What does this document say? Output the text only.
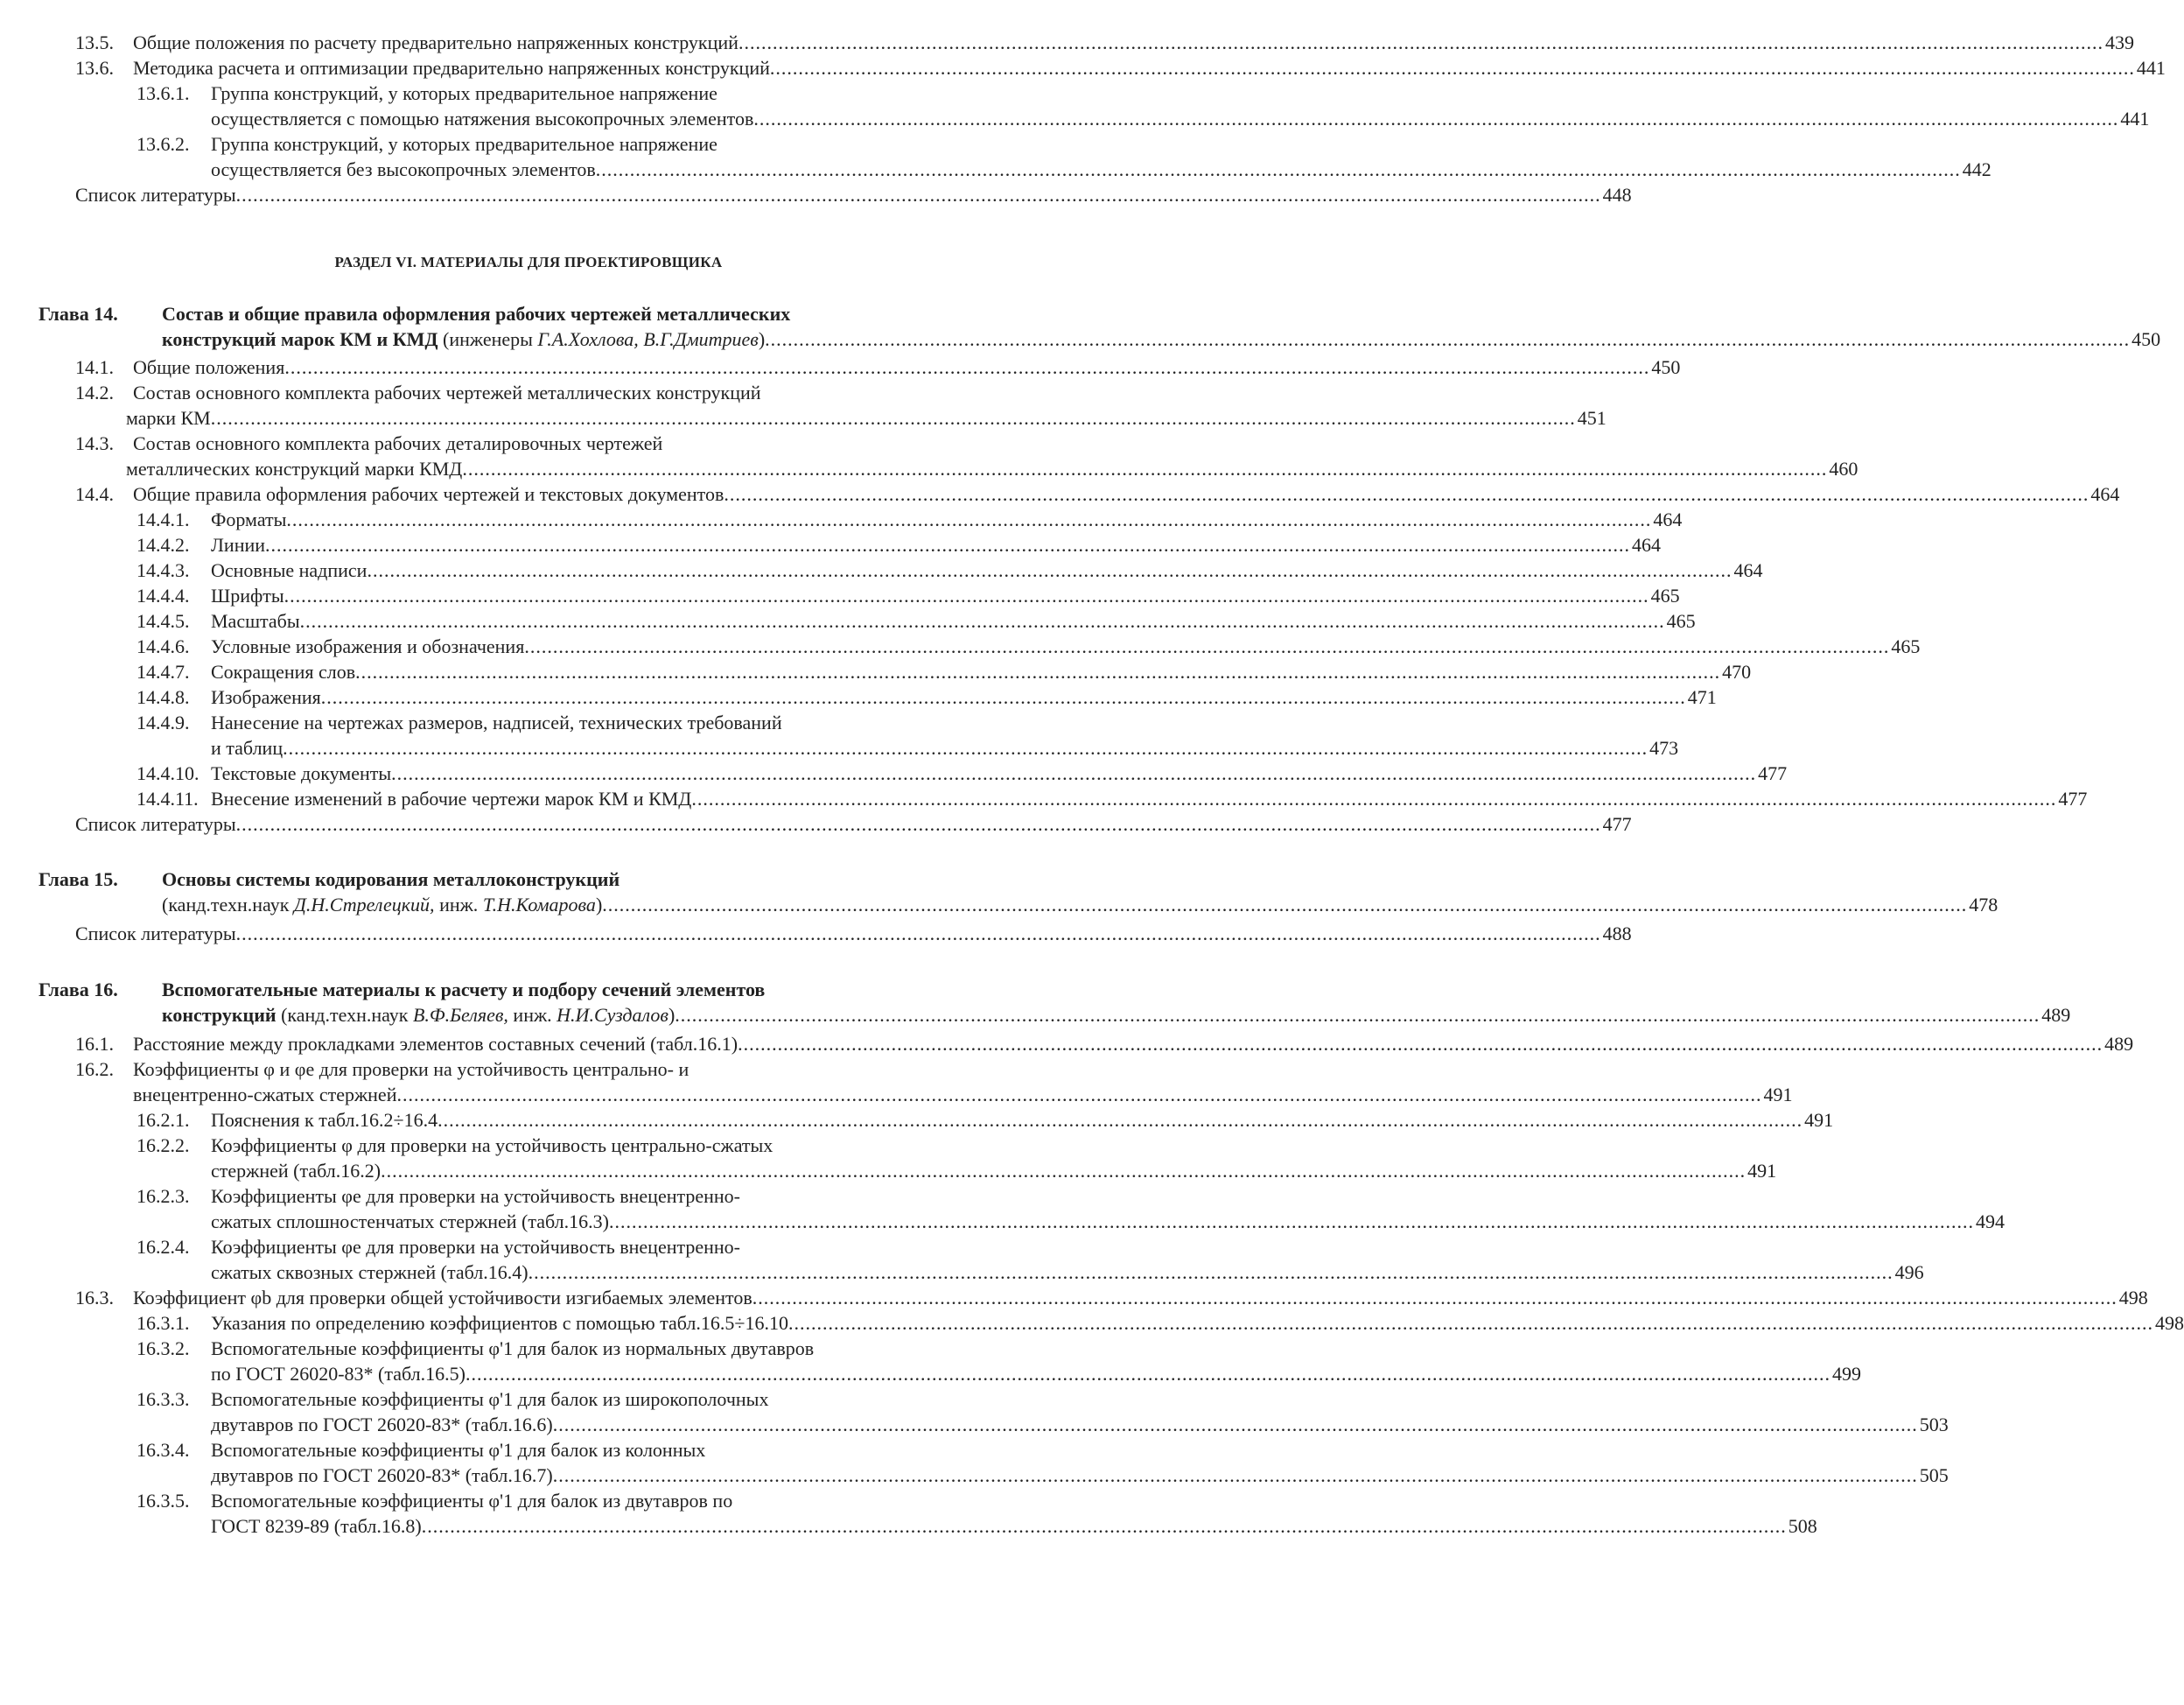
13.5. Общие положения по расчету предварительно напряженных конструкций .....	439
13.6. Методика расчета и оптимизации предварительно напряженных конструкций .....	441
13.6.1. Группа конструкций, у которых предварительное напряжение
осуществляется с помощью натяжения высокопрочных элементов .....	441
13.6.2. Группа конструкций, у которых предварительное напряжение
осуществляется без высокопрочных элементов .....	442
Список литературы .....	448
РАЗДЕЛ VI. МАТЕРИАЛЫ ДЛЯ ПРОЕКТИРОВЩИКА
Глава 14. Состав и общие правила оформления рабочих чертежей металлических
конструкций марок КМ и КМД (инженеры Г.А.Хохлова, В.Г.Дмитриев) .....	450
14.1. Общие положения .....	450
14.2. Состав основного комплекта рабочих чертежей металлических конструкций
марки КМ .....	451
14.3. Состав основного комплекта рабочих деталировочных чертежей
металлических конструкций марки КМД .....	460
14.4. Общие правила оформления рабочих чертежей и текстовых документов .....	464
14.4.1. Форматы .....	464
14.4.2. Линии .....	464
14.4.3. Основные надписи .....	464
14.4.4. Шрифты .....	465
14.4.5. Масштабы .....	465
14.4.6. Условные изображения и обозначения .....	465
14.4.7. Сокращения слов .....	470
14.4.8. Изображения .....	471
14.4.9. Нанесение на чертежах размеров, надписей, технических требований
и таблиц .....	473
14.4.10. Текстовые документы .....	477
14.4.11. Внесение изменений в рабочие чертежи марок КМ и КМД .....	477
Список литературы .....	477
Глава 15. Основы системы кодирования металлоконструкций
(канд.техн.наук Д.Н.Стрелецкий, инж. Т.Н.Комарова) .....	478
Список литературы .....	488
Глава 16. Вспомогательные материалы к расчету и подбору сечений элементов
конструкций (канд.техн.наук В.Ф.Беляев, инж. Н.И.Суздалов) .....	489
16.1. Расстояние между прокладками элементов составных сечений (табл.16.1) .....	489
16.2. Коэффициенты φ и φe для проверки на устойчивость центрально- и
внецентренно-сжатых стержней .....	491
16.2.1. Пояснения к табл.16.2÷16.4 .....	491
16.2.2. Коэффициенты φ для проверки на устойчивость центрально-сжатых
стержней (табл.16.2) .....	491
16.2.3. Коэффициенты φe для проверки на устойчивость внецентренно-
сжатых сплошностенчатых стержней (табл.16.3) .....	494
16.2.4. Коэффициенты φe для проверки на устойчивость внецентренно-
сжатых сквозных стержней (табл.16.4) .....	496
16.3. Коэффициент φb для проверки общей устойчивости изгибаемых элементов .....	498
16.3.1. Указания по определению коэффициентов с помощью табл.16.5÷16.10 .....	498
16.3.2. Вспомогательные коэффициенты φ'1 для балок из нормальных двутавров
по ГОСТ 26020-83* (табл.16.5) .....	499
16.3.3. Вспомогательные коэффициенты φ'1 для балок из широкополочных
двутавров по ГОСТ 26020-83* (табл.16.6) .....	503
16.3.4. Вспомогательные коэффициенты φ'1 для балок из колонных
двутавров по ГОСТ 26020-83* (табл.16.7) .....	505
16.3.5. Вспомогательные коэффициенты φ'1 для балок из двутавров по
ГОСТ 8239-89 (табл.16.8) .....	508
